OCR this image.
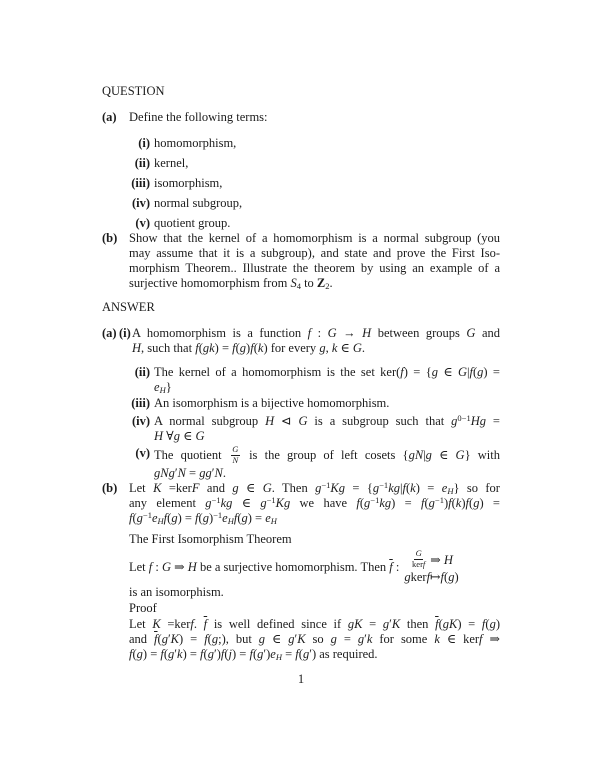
QUESTION
(a) Define the following terms:
(i) homomorphism,
(ii) kernel,
(iii) isomorphism,
(iv) normal subgroup,
(v) quotient group.
(b) Show that the kernel of a homomorphism is a normal subgroup (you
may assume that it is a subgroup), and state and prove the First Iso-
morphism Theorem.. Illustrate the theorem by using an example of a
surjective homomorphism from $S_4$ to $Z_2$.
ANSWER
(a) (i) A homomorphism is a function f : G → H between groups G and
H, such that f(gk) = f(g)f(k) for every g, k ∈ G.
(ii) The kernel of a homomorphism is the set ker(f) = {g ∈ G|f(g) =
$e_H$}
(iii) An isomorphism is a bijective homomorphism.
(iv) A normal subgroup H ⊲ G is a subgroup such that $g^{0-1}Hg$ =
H ∀g ∈ G
(v) The quotient $\frac{G}{N}$ is the group of left cosets {gN|g ∈ G} with
gNg′N = gg′N.
(b) Let K =kerF and g ∈ G. Then $g^{-1}Kg = \{g^{-1}kg|f(k) = e_H\}$ so for
any element $g^{-1}kg$ ∈ $g^{-1}Kg$ we have $f(g^{-1}kg) = f(g^{-1})f(k)f(g)$ =
$f(g^{-1}e_Hf(g) = f(g)^{-1}e_Hf(g) = e_H$
The First Isomorphism Theorem
Let f : G ⇒ H be a surjective homomorphism. Then $\overline{f}$ : $\frac{G}{\text{kerf}}$ ⇒ H
g ker f ↦ f ( g )
is an isomorphism.
Proof
Let K =kerf. $\overline{f}$ is well defined since if gK = g′K then $\overline{f}(gK) = f(g)$
and $\overline{f}(g'K)$ = f(g;), but g ∈ g′K so g = g′k for some k ∈ kerf ⇒
$f(g) = f(g'k) = f(g')f(j) = f(g')e_H = f(g')$ as required.
1
